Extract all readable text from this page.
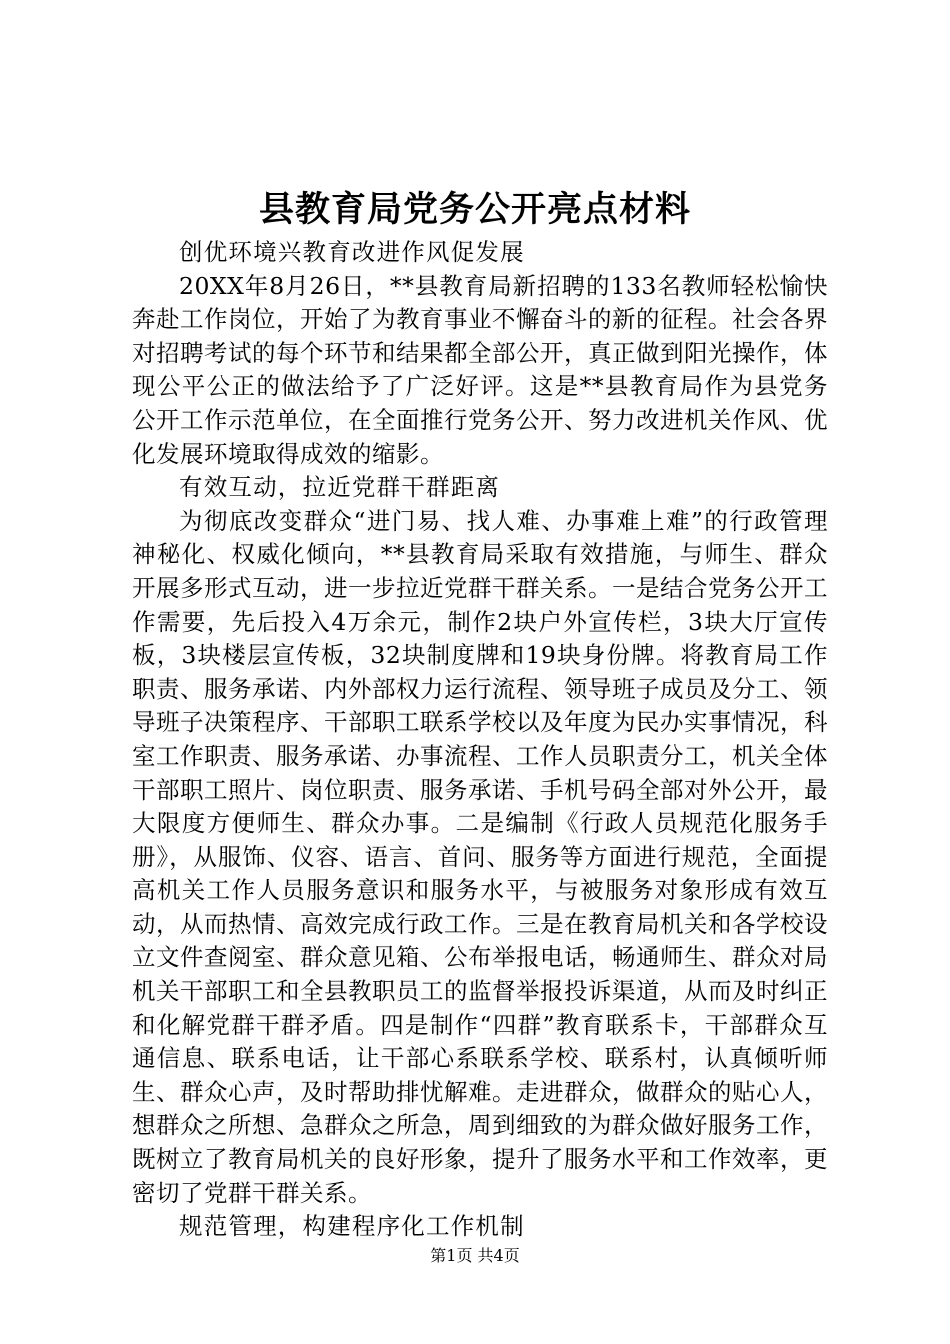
县教育局党务公开亮点材料

创优环境兴教育改进作风促发展

20XX年8月26日，**县教育局新招聘的133名教师轻松愉快奔赴工作岗位，开始了为教育事业不懈奋斗的新的征程。社会各界对招聘考试的每个环节和结果都全部公开，真正做到阳光操作，体现公平公正的做法给予了广泛好评。这是**县教育局作为县党务公开工作示范单位，在全面推行党务公开、努力改进机关作风、优化发展环境取得成效的缩影。

有效互动，拉近党群干群距离

为彻底改变群众“进门易、找人难、办事难上难”的行政管理神秘化、权威化倾向，**县教育局采取有效措施，与师生、群众开展多形式互动，进一步拉近党群干群关系。一是结合党务公开工作需要，先后投入4万余元，制作2块户外宣传栏，3块大厅宣传板，3块楼层宣传板，32块制度牌和19块身份牌。将教育局工作职责、服务承诺、内外部权力运行流程、领导班子成员及分工、领导班子决策程序、干部职工联系学校以及年度为民办实事情况，科室工作职责、服务承诺、办事流程、工作人员职责分工，机关全体干部职工照片、岗位职责、服务承诺、手机号码全部对外公开，最大限度方便师生、群众办事。二是编制《行政人员规范化服务手册》，从服饰、仪容、语言、首问、服务等方面进行规范，全面提高机关工作人员服务意识和服务水平，与被服务对象形成有效互动，从而热情、高效完成行政工作。三是在教育局机关和各学校设立文件查阅室、群众意见箱、公布举报电话，畅通师生、群众对局机关干部职工和全县教职员工的监督举报投诉渠道，从而及时纠正和化解党群干群矛盾。四是制作“四群”教育联系卡，干部群众互通信息、联系电话，让干部心系联系学校、联系村，认真倾听师生、群众心声，及时帮助排忧解难。走进群众，做群众的贴心人，想群众之所想、急群众之所急，周到细致的为群众做好服务工作，既树立了教育局机关的良好形象，提升了服务水平和工作效率，更密切了党群干群关系。

规范管理，构建程序化工作机制

第1页 共4页
